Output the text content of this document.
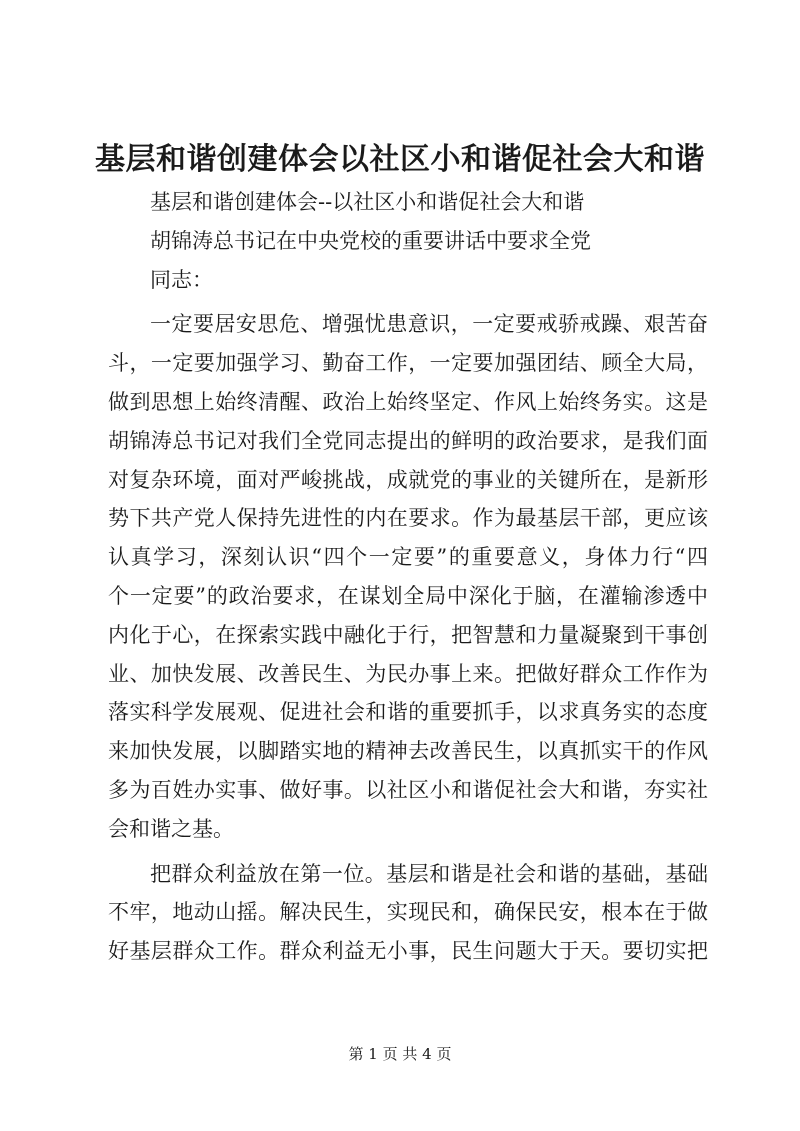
基层和谐创建体会以社区小和谐促社会大和谐
基层和谐创建体会--以社区小和谐促社会大和谐
胡锦涛总书记在中央党校的重要讲话中要求全党
同志：
一定要居安思危、增强忧患意识，一定要戒骄戒躁、艰苦奋
斗，一定要加强学习、勤奋工作，一定要加强团结、顾全大局，
做到思想上始终清醒、政治上始终坚定、作风上始终务实。这是
胡锦涛总书记对我们全党同志提出的鲜明的政治要求，是我们面
对复杂环境，面对严峻挑战，成就党的事业的关键所在，是新形
势下共产党人保持先进性的内在要求。作为最基层干部，更应该
认真学习，深刻认识“四个一定要”的重要意义，身体力行“四
个一定要”的政治要求，在谋划全局中深化于脑，在灌输渗透中
内化于心，在探索实践中融化于行，把智慧和力量凝聚到干事创
业、加快发展、改善民生、为民办事上来。把做好群众工作作为
落实科学发展观、促进社会和谐的重要抓手，以求真务实的态度
来加快发展，以脚踏实地的精神去改善民生，以真抓实干的作风
多为百姓办实事、做好事。以社区小和谐促社会大和谐，夯实社
会和谐之基。
把群众利益放在第一位。基层和谐是社会和谐的基础，基础
不牢，地动山摇。解决民生，实现民和，确保民安，根本在于做
好基层群众工作。群众利益无小事，民生问题大于天。要切实把
第 1 页 共 4 页
